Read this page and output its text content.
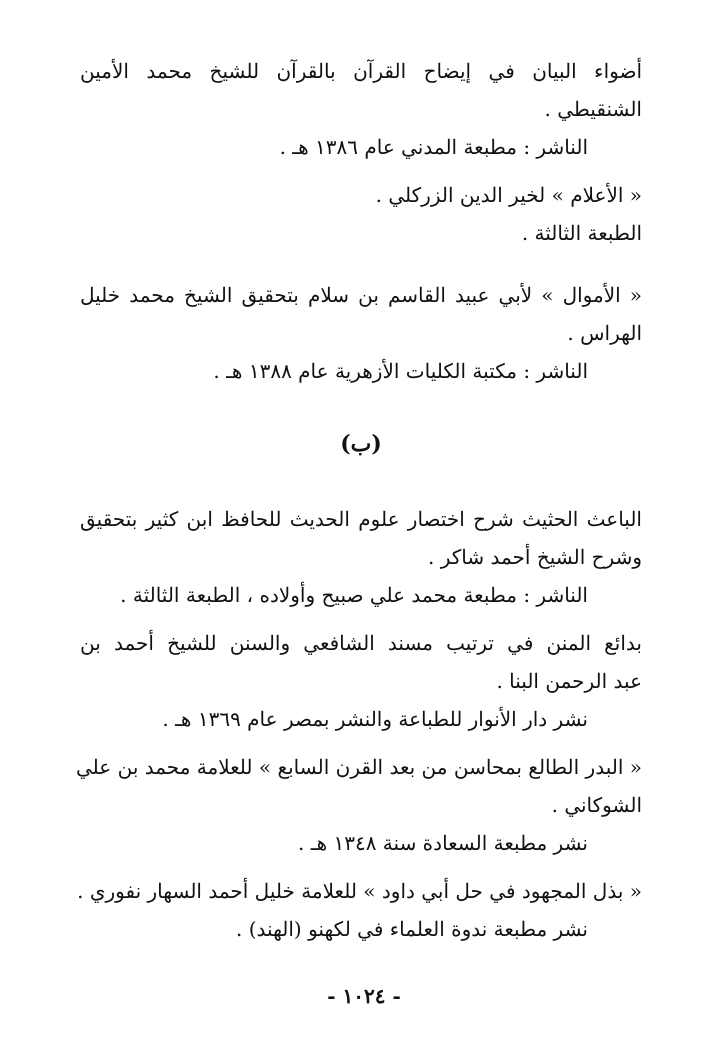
أضواء البيان في إيضاح القرآن بالقرآن للشيخ محمد الأمين
الشنقيطي .
الناشر : مطبعة المدني عام ١٣٨٦ هـ .
« الأعلام » لخير الدين الزركلي .
الطبعة الثالثة .
« الأموال » لأبي عبيد القاسم بن سلام بتحقيق الشيخ محمد خليل
الهراس .
الناشر : مكتبة الكليات الأزهرية عام ١٣٨٨ هـ .
(ب)
الباعث الحثيث شرح اختصار علوم الحديث للحافظ ابن كثير بتحقيق
وشرح الشيخ أحمد شاكر .
الناشر : مطبعة محمد علي صبيح وأولاده ، الطبعة الثالثة .
بدائع المنن في ترتيب مسند الشافعي والسنن للشيخ أحمد بن
عبد الرحمن البنا .
نشر دار الأنوار للطباعة والنشر بمصر عام ١٣٦٩ هـ .
« البدر الطالع بمحاسن من بعد القرن السابع » للعلامة محمد بن علي
الشوكاني .
نشر مطبعة السعادة سنة ١٣٤٨ هـ .
« بذل المجهود في حل أبي داود » للعلامة خليل أحمد السهار نفوري .
نشر مطبعة ندوة العلماء في لكهنو (الهند) .
- ١٠٢٤ -
